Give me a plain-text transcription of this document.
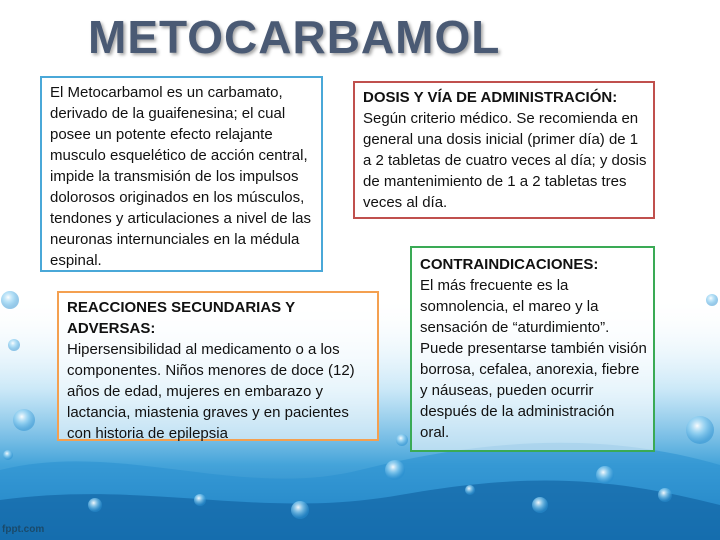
METOCARBAMOL

El Metocarbamol es un carbamato, derivado de la guaifenesina; el cual posee un potente efecto relajante musculo esquelético de acción central, impide la transmisión de los impulsos dolorosos originados en los músculos, tendones y articulaciones a nivel de las neuronas internunciales en la médula espinal.

DOSIS Y VÍA DE ADMINISTRACIÓN:

Según criterio médico. Se recomienda en general una dosis inicial (primer día) de 1 a 2 tabletas de cuatro veces al día; y dosis de mantenimiento de 1 a 2 tabletas tres veces al día.

REACCIONES SECUNDARIAS Y ADVERSAS:

Hipersensibilidad al medicamento o a los componentes. Niños menores de doce (12) años de edad, mujeres en embarazo y lactancia, miastenia graves y en pacientes con historia de epilepsia

CONTRAINDICACIONES:

El más frecuente es la somnolencia, el mareo y la sensación de “aturdimiento”. Puede presentarse también visión borrosa, cefalea, anorexia, fiebre y náuseas, pueden ocurrir después de la administración oral.

fppt.com
